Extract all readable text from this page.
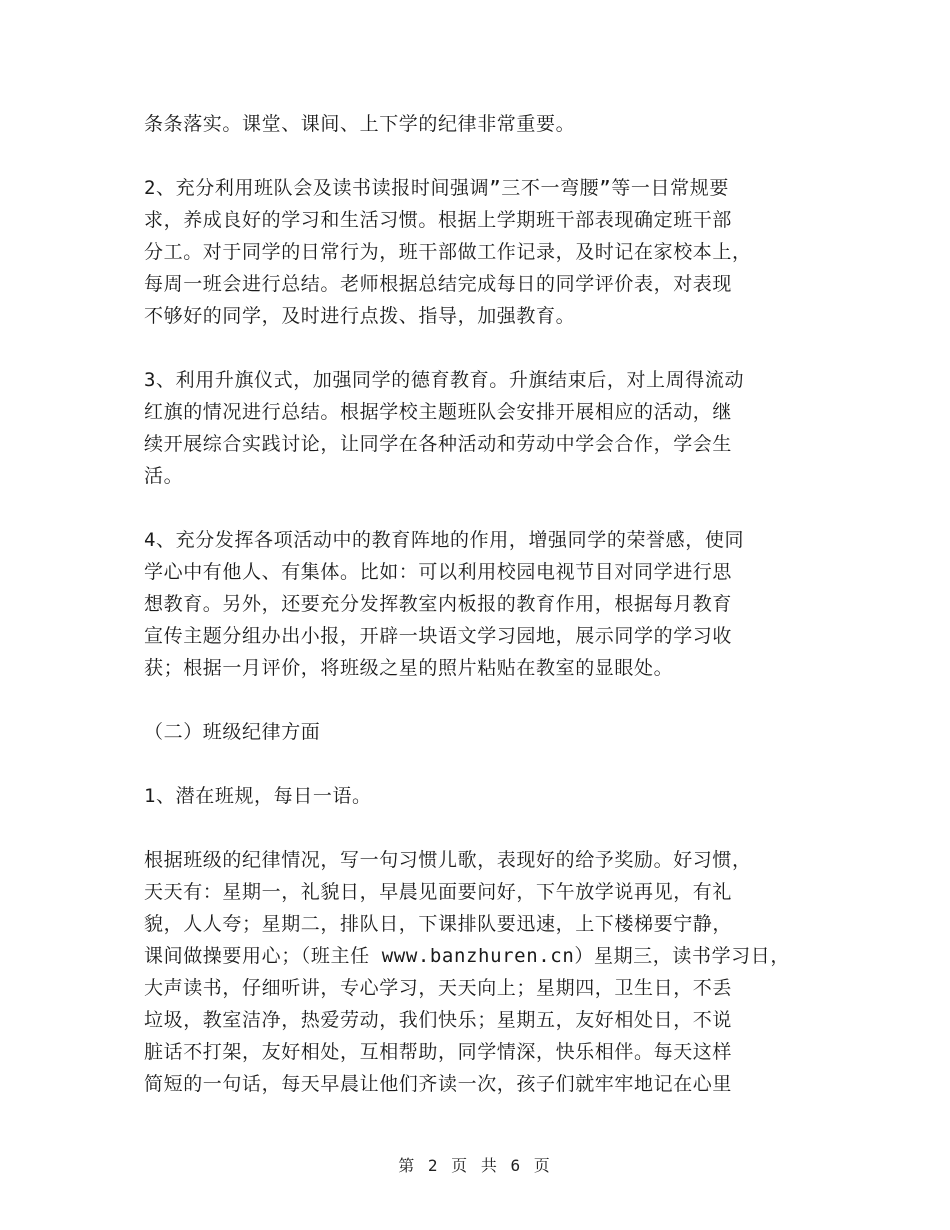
条条落实。课堂、课间、上下学的纪律非常重要。

2、充分利用班队会及读书读报时间强调”三不一弯腰”等一日常规要
求，养成良好的学习和生活习惯。根据上学期班干部表现确定班干部
分工。对于同学的日常行为，班干部做工作记录，及时记在家校本上，
每周一班会进行总结。老师根据总结完成每日的同学评价表，对表现
不够好的同学，及时进行点拨、指导，加强教育。

3、利用升旗仪式，加强同学的德育教育。升旗结束后，对上周得流动
红旗的情况进行总结。根据学校主题班队会安排开展相应的活动，继
续开展综合实践讨论，让同学在各种活动和劳动中学会合作，学会生
活。

4、充分发挥各项活动中的教育阵地的作用，增强同学的荣誉感，使同
学心中有他人、有集体。比如：可以利用校园电视节目对同学进行思
想教育。另外，还要充分发挥教室内板报的教育作用，根据每月教育
宣传主题分组办出小报，开辟一块语文学习园地，展示同学的学习收
获；根据一月评价，将班级之星的照片粘贴在教室的显眼处。

（二）班级纪律方面

1、潜在班规，每日一语。

根据班级的纪律情况，写一句习惯儿歌，表现好的给予奖励。好习惯，
天天有：星期一，礼貌日，早晨见面要问好，下午放学说再见，有礼
貌，人人夸；星期二，排队日，下课排队要迅速，上下楼梯要宁静，
课间做操要用心；（班主任 www.banzhuren.cn）星期三，读书学习日，
大声读书，仔细听讲，专心学习，天天向上；星期四，卫生日，不丢
垃圾，教室洁净，热爱劳动，我们快乐；星期五，友好相处日，不说
脏话不打架，友好相处，互相帮助，同学情深，快乐相伴。每天这样
简短的一句话，每天早晨让他们齐读一次，孩子们就牢牢地记在心里

第 2 页 共 6 页
